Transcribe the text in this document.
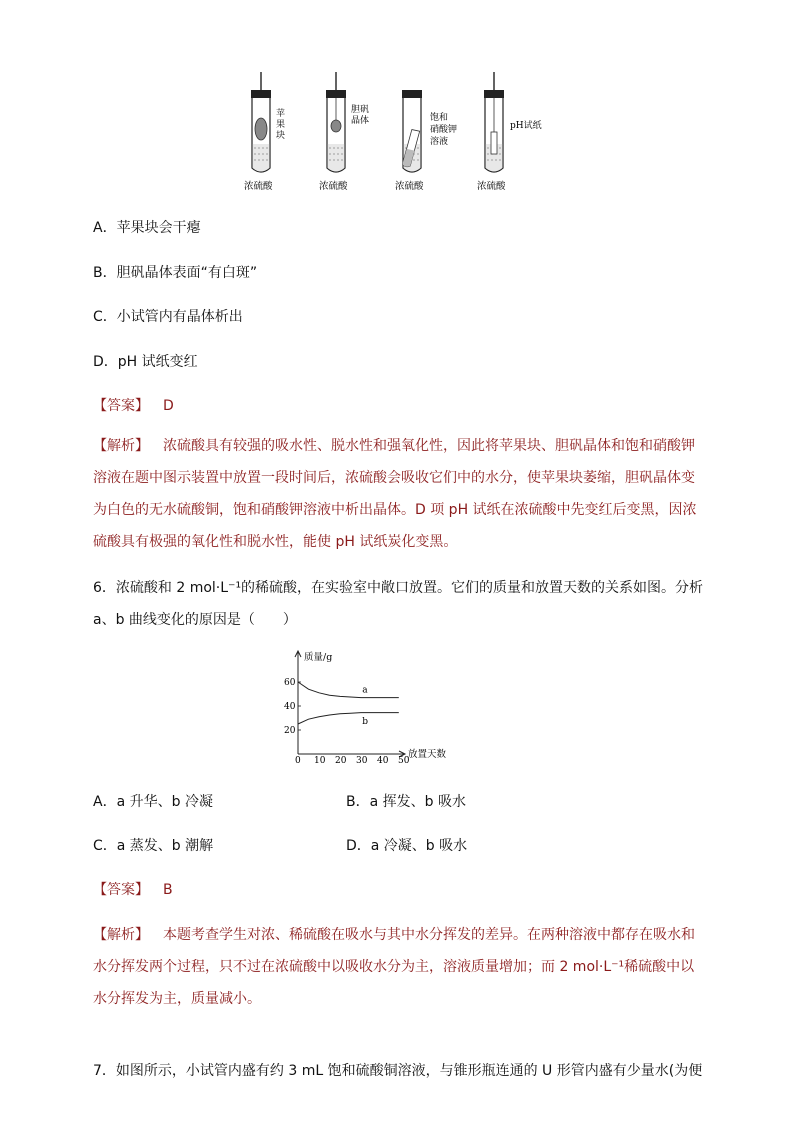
苹
果
块
浓硫酸
胆矾
晶体
浓硫酸
饱和
硝酸钾
溶液
浓硫酸
pH试纸
浓硫酸
A．苹果块会干瘪
B．胆矾晶体表面“有白斑”
C．小试管内有晶体析出
D．pH 试纸变红
【答案】 D
【解析】 浓硫酸具有较强的吸水性、脱水性和强氧化性，因此将苹果块、胆矾晶体和饱和硝酸钾溶液在题中图示装置中放置一段时间后，浓硫酸会吸收它们中的水分，使苹果块萎缩，胆矾晶体变为白色的无水硫酸铜，饱和硝酸钾溶液中析出晶体。D 项 pH 试纸在浓硫酸中先变红后变黑，因浓硫酸具有极强的氧化性和脱水性，能使 pH 试纸炭化变黑。
6．浓硫酸和 2 mol·L⁻¹的稀硫酸，在实验室中敞口放置。它们的质量和放置天数的关系如图。分析 a、b 曲线变化的原因是（　　）
质量/g
放置天数
0 10 20 30 40 50
20
40
60
a
b
A．a 升华、b 冷凝	B．a 挥发、b 吸水
C．a 蒸发、b 潮解	D．a 冷凝、b 吸水
【答案】 B
【解析】 本题考查学生对浓、稀硫酸在吸水与其中水分挥发的差异。在两种溶液中都存在吸水和水分挥发两个过程，只不过在浓硫酸中以吸收水分为主，溶液质量增加；而 2 mol·L⁻¹稀硫酸中以水分挥发为主，质量减小。
7．如图所示，小试管内盛有约 3 mL 饱和硫酸铜溶液，与锥形瓶连通的 U 形管内盛有少量水(为便
